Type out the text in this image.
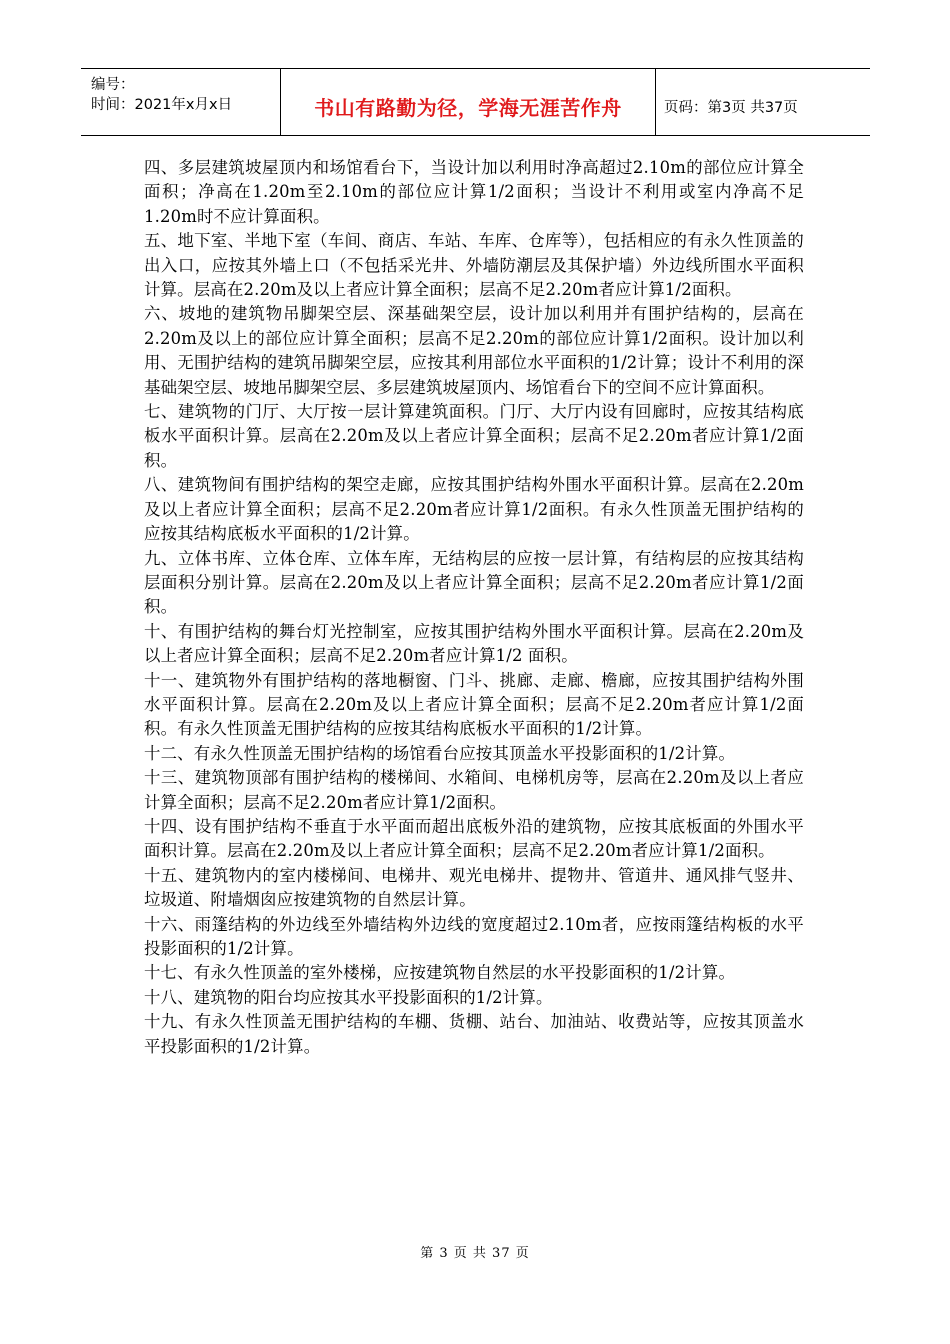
编号：
时间：2021年x月x日	书山有路勤为径，学海无涯苦作舟	页码：第3页 共37页

四、多层建筑坡屋顶内和场馆看台下，当设计加以利用时净高超过2.10m的部位应计算全面积；净高在1.20m至2.10m的部位应计算1/2面积；当设计不利用或室内净高不足1.20m时不应计算面积。

五、地下室、半地下室（车间、商店、车站、车库、仓库等），包括相应的有永久性顶盖的出入口，应按其外墙上口（不包括采光井、外墙防潮层及其保护墙）外边线所围水平面积计算。层高在2.20m及以上者应计算全面积；层高不足2.20m者应计算1/2面积。

六、坡地的建筑物吊脚架空层、深基础架空层，设计加以利用并有围护结构的，层高在2.20m及以上的部位应计算全面积；层高不足2.20m的部位应计算1/2面积。设计加以利用、无围护结构的建筑吊脚架空层，应按其利用部位水平面积的1/2计算；设计不利用的深基础架空层、坡地吊脚架空层、多层建筑坡屋顶内、场馆看台下的空间不应计算面积。

七、建筑物的门厅、大厅按一层计算建筑面积。门厅、大厅内设有回廊时，应按其结构底板水平面积计算。层高在2.20m及以上者应计算全面积；层高不足2.20m者应计算1/2面积。

八、建筑物间有围护结构的架空走廊，应按其围护结构外围水平面积计算。层高在2.20m及以上者应计算全面积；层高不足2.20m者应计算1/2面积。有永久性顶盖无围护结构的应按其结构底板水平面积的1/2计算。

九、立体书库、立体仓库、立体车库，无结构层的应按一层计算，有结构层的应按其结构层面积分别计算。层高在2.20m及以上者应计算全面积；层高不足2.20m者应计算1/2面积。

十、有围护结构的舞台灯光控制室，应按其围护结构外围水平面积计算。层高在2.20m及以上者应计算全面积；层高不足2.20m者应计算1/2 面积。

十一、建筑物外有围护结构的落地橱窗、门斗、挑廊、走廊、檐廊，应按其围护结构外围水平面积计算。层高在2.20m及以上者应计算全面积；层高不足2.20m者应计算1/2面积。有永久性顶盖无围护结构的应按其结构底板水平面积的1/2计算。

十二、有永久性顶盖无围护结构的场馆看台应按其顶盖水平投影面积的1/2计算。

十三、建筑物顶部有围护结构的楼梯间、水箱间、电梯机房等，层高在2.20m及以上者应计算全面积；层高不足2.20m者应计算1/2面积。

十四、设有围护结构不垂直于水平面而超出底板外沿的建筑物，应按其底板面的外围水平面积计算。层高在2.20m及以上者应计算全面积；层高不足2.20m者应计算1/2面积。

十五、建筑物内的室内楼梯间、电梯井、观光电梯井、提物井、管道井、通风排气竖井、垃圾道、附墙烟囱应按建筑物的自然层计算。

十六、雨篷结构的外边线至外墙结构外边线的宽度超过2.10m者，应按雨篷结构板的水平投影面积的1/2计算。

十七、有永久性顶盖的室外楼梯，应按建筑物自然层的水平投影面积的1/2计算。

十八、建筑物的阳台均应按其水平投影面积的1/2计算。

十九、有永久性顶盖无围护结构的车棚、货棚、站台、加油站、收费站等，应按其顶盖水平投影面积的1/2计算。

第 3 页 共 37 页
